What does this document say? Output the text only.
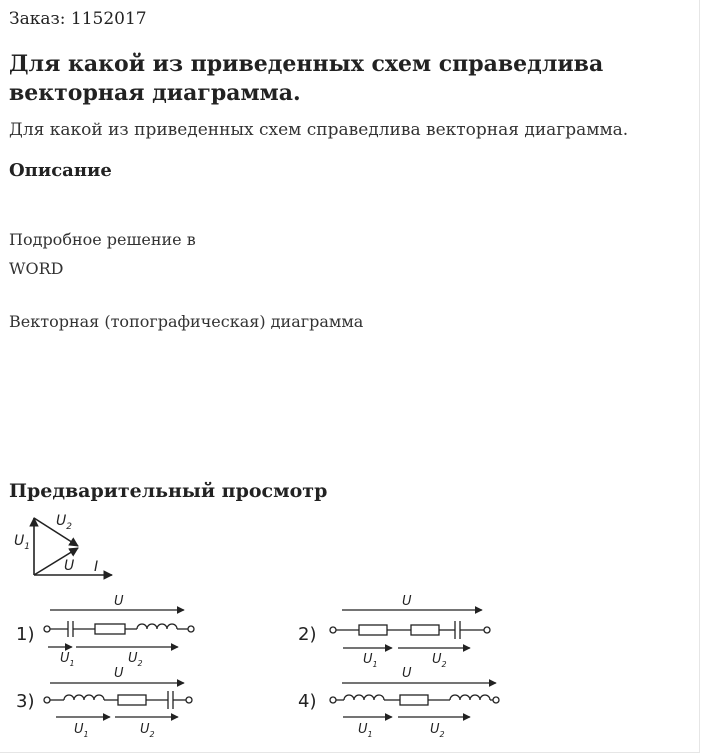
Заказ: 1152017
Для какой из приведенных схем справедлива векторная диаграмма.
Для какой из приведенных схем справедлива векторная диаграмма.
Описание
Подробное решение в
WORD
Векторная (топографическая) диаграмма
Предварительный просмотр
$U_1$
$U_2$
U I
1)
U
$U_1$	$U_2$
2)
U
$U_1$	$U_2$
3)
U
$U_1$	$U_2$
4)
U
$U_1$	$U_2$
